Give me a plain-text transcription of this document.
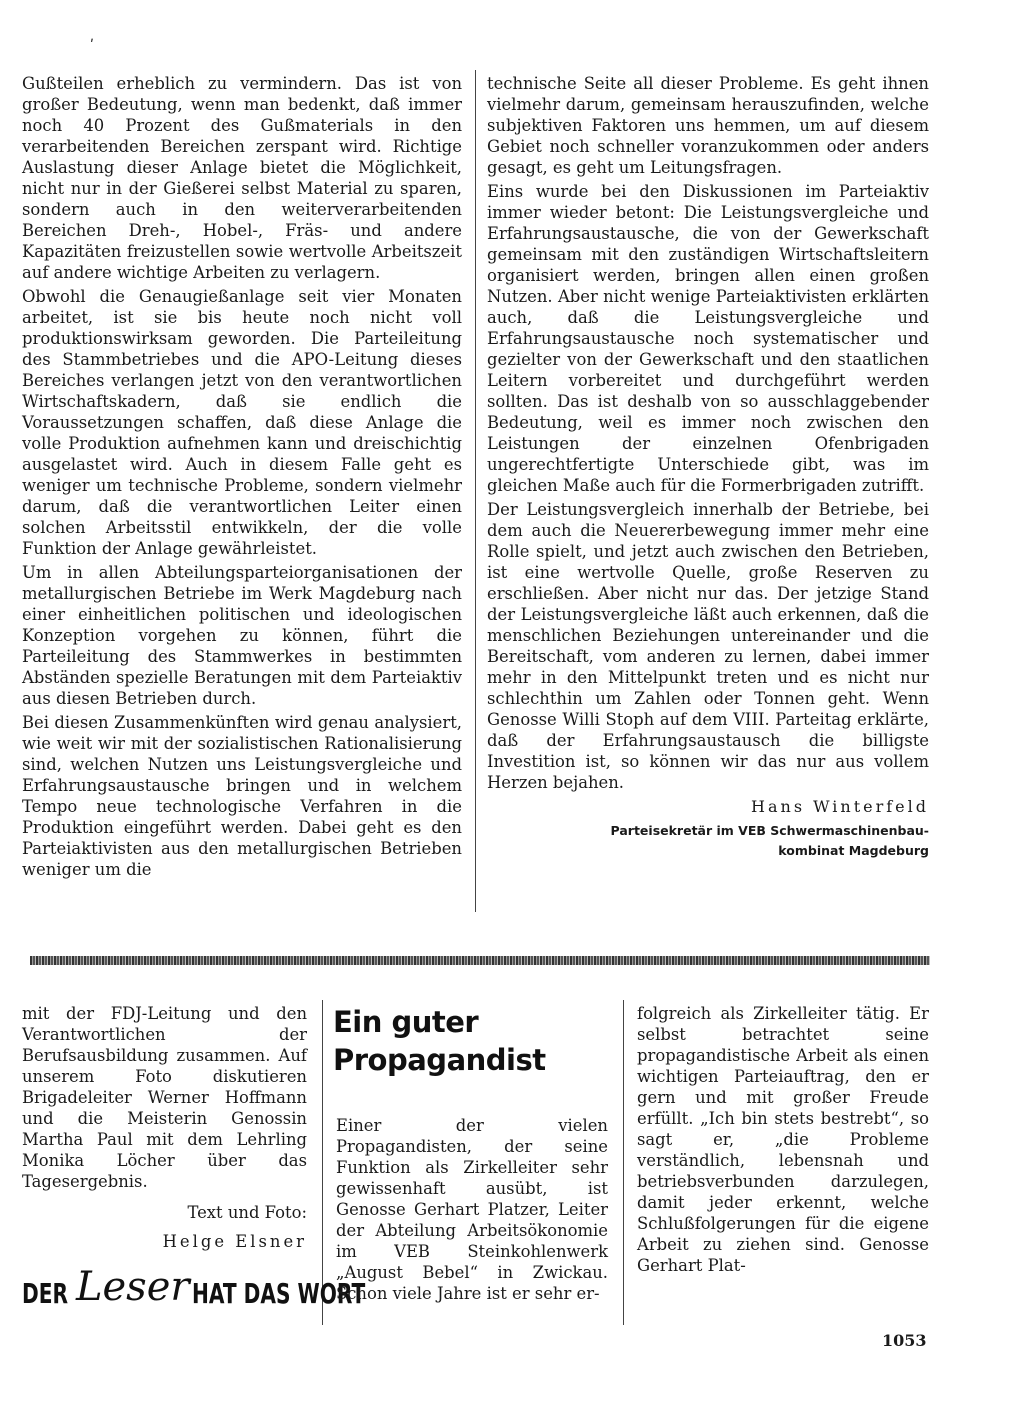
ʹ

Gußteilen erheblich zu vermindern. Das ist von großer Bedeutung, wenn man bedenkt, daß immer noch 40 Prozent des Gußmaterials in den verarbeitenden Bereichen zerspant wird. Richtige Auslastung dieser Anlage bietet die Möglichkeit, nicht nur in der Gießerei selbst Material zu sparen, sondern auch in den weiterverarbeitenden Bereichen Dreh-, Hobel-, Fräs- und andere Kapazitäten freizustellen sowie wertvolle Arbeitszeit auf andere wichtige Arbeiten zu verlagern.

Obwohl die Genaugießanlage seit vier Monaten arbeitet, ist sie bis heute noch nicht voll produktionswirksam geworden. Die Parteileitung des Stammbetriebes und die APO-Leitung dieses Bereiches verlangen jetzt von den verantwortlichen Wirtschaftskadern, daß sie endlich die Voraussetzungen schaffen, daß diese Anlage die volle Produktion aufnehmen kann und dreischichtig ausgelastet wird. Auch in diesem Falle geht es weniger um technische Probleme, sondern vielmehr darum, daß die verantwortlichen Leiter einen solchen Arbeitsstil entwikkeln, der die volle Funktion der Anlage gewährleistet.

Um in allen Abteilungsparteiorganisationen der metallurgischen Betriebe im Werk Magdeburg nach einer einheitlichen politischen und ideologischen Konzeption vorgehen zu können, führt die Parteileitung des Stammwerkes in bestimmten Abständen spezielle Beratungen mit dem Parteiaktiv aus diesen Betrieben durch.

Bei diesen Zusammenkünften wird genau analysiert, wie weit wir mit der sozialistischen Rationalisierung sind, welchen Nutzen uns Leistungsvergleiche und Erfahrungsaustausche bringen und in welchem Tempo neue technologische Verfahren in die Produktion eingeführt werden. Dabei geht es den Parteiaktivisten aus den metallurgischen Betrieben weniger um die

technische Seite all dieser Probleme. Es geht ihnen vielmehr darum, gemeinsam herauszufinden, welche subjektiven Faktoren uns hemmen, um auf diesem Gebiet noch schneller voranzukommen oder anders gesagt, es geht um Leitungsfragen.

Eins wurde bei den Diskussionen im Parteiaktiv immer wieder betont: Die Leistungsvergleiche und Erfahrungsaustausche, die von der Gewerkschaft gemeinsam mit den zuständigen Wirtschaftsleitern organisiert werden, bringen allen einen großen Nutzen. Aber nicht wenige Parteiaktivisten erklärten auch, daß die Leistungsvergleiche und Erfahrungsaustausche noch systematischer und gezielter von der Gewerkschaft und den staatlichen Leitern vorbereitet und durchgeführt werden sollten. Das ist deshalb von so ausschlaggebender Bedeutung, weil es immer noch zwischen den Leistungen der einzelnen Ofenbrigaden ungerechtfertigte Unterschiede gibt, was im gleichen Maße auch für die Formerbrigaden zutrifft.

Der Leistungsvergleich innerhalb der Betriebe, bei dem auch die Neuererbewegung immer mehr eine Rolle spielt, und jetzt auch zwischen den Betrieben, ist eine wertvolle Quelle, große Reserven zu erschließen. Aber nicht nur das. Der jetzige Stand der Leistungsvergleiche läßt auch erkennen, daß die menschlichen Beziehungen untereinander und die Bereitschaft, vom anderen zu lernen, dabei immer mehr in den Mittelpunkt treten und es nicht nur schlechthin um Zahlen oder Tonnen geht. Wenn Genosse Willi Stoph auf dem VIII. Parteitag erklärte, daß der Erfahrungsaustausch die billigste Investition ist, so können wir das nur aus vollem Herzen bejahen.

Hans Winterfeld
Parteisekretär im VEB Schwermaschinenbau-
kombinat Magdeburg

mit der FDJ-Leitung und den Verantwortlichen der Berufsausbildung zusammen. Auf unserem Foto diskutieren Brigadeleiter Werner Hoffmann und die Meisterin Genossin Martha Paul mit dem Lehrling Monika Löcher über das Tagesergebnis.

Text und Foto:
Helge Elsner
DER Leser HAT DAS WORT
Ein guter Propagandist

Einer der vielen Propagandisten, der seine Funktion als Zirkelleiter sehr gewissenhaft ausübt, ist Genosse Gerhart Platzer, Leiter der Abteilung Arbeitsökonomie im VEB Steinkohlenwerk „August Bebel“ in Zwickau. Schon viele Jahre ist er sehr er-

folgreich als Zirkelleiter tätig. Er selbst betrachtet seine propagandistische Arbeit als einen wichtigen Parteiauftrag, den er gern und mit großer Freude erfüllt. „Ich bin stets bestrebt“, so sagt er, „die Probleme verständlich, lebensnah und betriebsverbunden darzulegen, damit jeder erkennt, welche Schlußfolgerungen für die eigene Arbeit zu ziehen sind. Genosse Gerhart Plat-

1053
